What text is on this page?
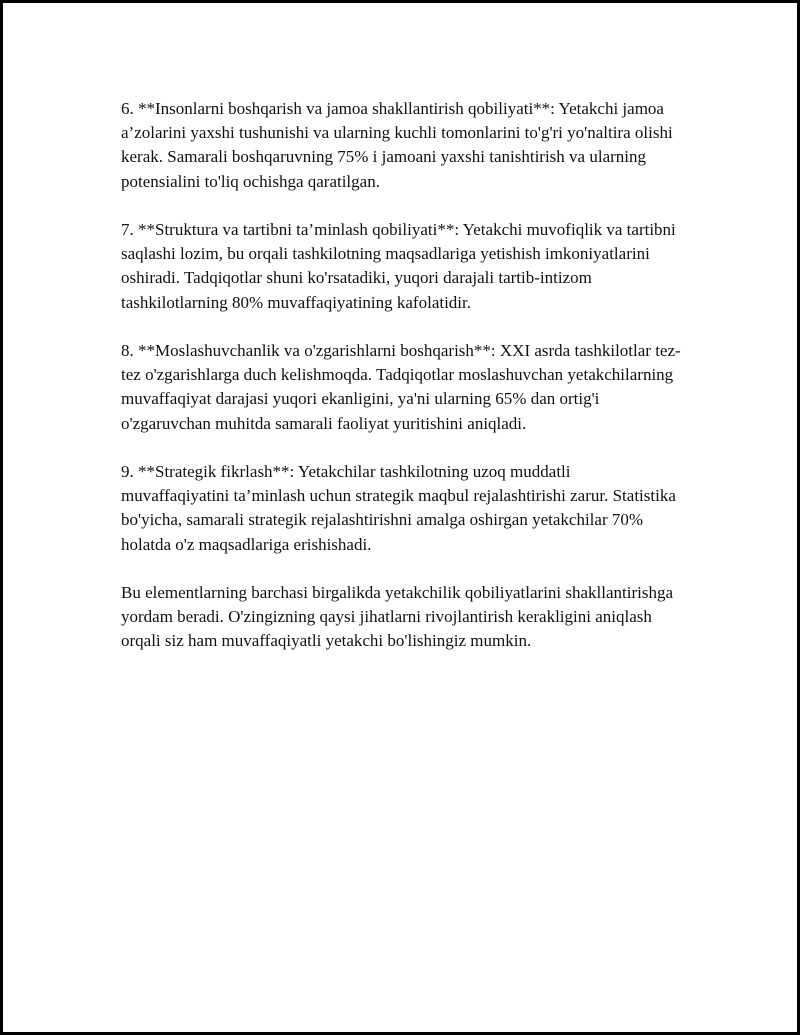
6. **Insonlarni boshqarish va jamoa shakllantirish qobiliyati**: Yetakchi jamoa a’zolarini yaxshi tushunishi va ularning kuchli tomonlarini to'g'ri yo'naltira olishi kerak. Samarali boshqaruvning 75% i jamoani yaxshi tanishtirish va ularning potensialini to'liq ochishga qaratilgan.

7. **Struktura va tartibni ta’minlash qobiliyati**: Yetakchi muvofiqlik va tartibni saqlashi lozim, bu orqali tashkilotning maqsadlariga yetishish imkoniyatlarini oshiradi. Tadqiqotlar shuni ko'rsatadiki, yuqori darajali tartib-intizom tashkilotlarning 80% muvaffaqiyatining kafolatidir.

8. **Moslashuvchanlik va o'zgarishlarni boshqarish**: XXI asrda tashkilotlar tez-tez o'zgarishlarga duch kelishmoqda. Tadqiqotlar moslashuvchan yetakchilarning muvaffaqiyat darajasi yuqori ekanligini, ya'ni ularning 65% dan ortig'i o'zgaruvchan muhitda samarali faoliyat yuritishini aniqladi.

9. **Strategik fikrlash**: Yetakchilar tashkilotning uzoq muddatli muvaffaqiyatini ta’minlash uchun strategik maqbul rejalashtirishi zarur. Statistika bo'yicha, samarali strategik rejalashtirishni amalga oshirgan yetakchilar 70% holatda o'z maqsadlariga erishishadi.

Bu elementlarning barchasi birgalikda yetakchilik qobiliyatlarini shakllantirishga yordam beradi. O'zingizning qaysi jihatlarni rivojlantirish kerakligini aniqlash orqali siz ham muvaffaqiyatli yetakchi bo'lishingiz mumkin.
